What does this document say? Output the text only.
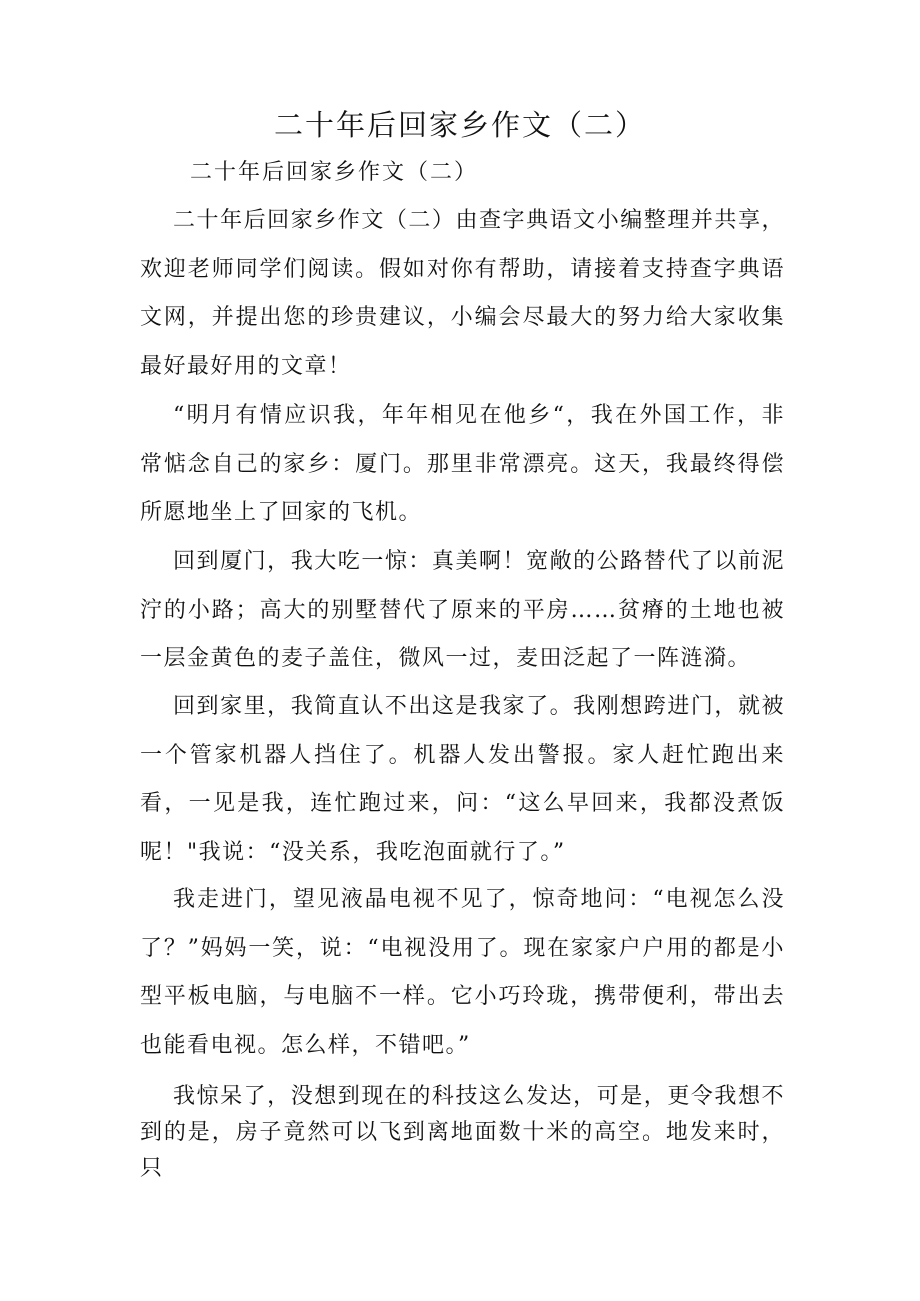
二十年后回家乡作文（二）

二十年后回家乡作文（二）

二十年后回家乡作文（二）由查字典语文小编整理并共享，欢迎老师同学们阅读。假如对你有帮助，请接着支持查字典语文网，并提出您的珍贵建议，小编会尽最大的努力给大家收集最好最好用的文章！

“明月有情应识我，年年相见在他乡“，我在外国工作，非常惦念自己的家乡：厦门。那里非常漂亮。这天，我最终得偿所愿地坐上了回家的飞机。

回到厦门，我大吃一惊：真美啊！宽敞的公路替代了以前泥泞的小路；高大的别墅替代了原来的平房……贫瘠的土地也被一层金黄色的麦子盖住，微风一过，麦田泛起了一阵涟漪。

回到家里，我简直认不出这是我家了。我刚想跨进门，就被一个管家机器人挡住了。机器人发出警报。家人赶忙跑出来看，一见是我，连忙跑过来，问：“这么早回来，我都没煮饭呢！"我说：“没关系，我吃泡面就行了。”

我走进门，望见液晶电视不见了，惊奇地问：“电视怎么没了？”妈妈一笑，说：“电视没用了。现在家家户户用的都是小型平板电脑，与电脑不一样。它小巧玲珑，携带便利，带出去也能看电视。怎么样，不错吧。”

我惊呆了，没想到现在的科技这么发达，可是，更令我想不到的是，房子竟然可以飞到离地面数十米的高空。地发来时，只
